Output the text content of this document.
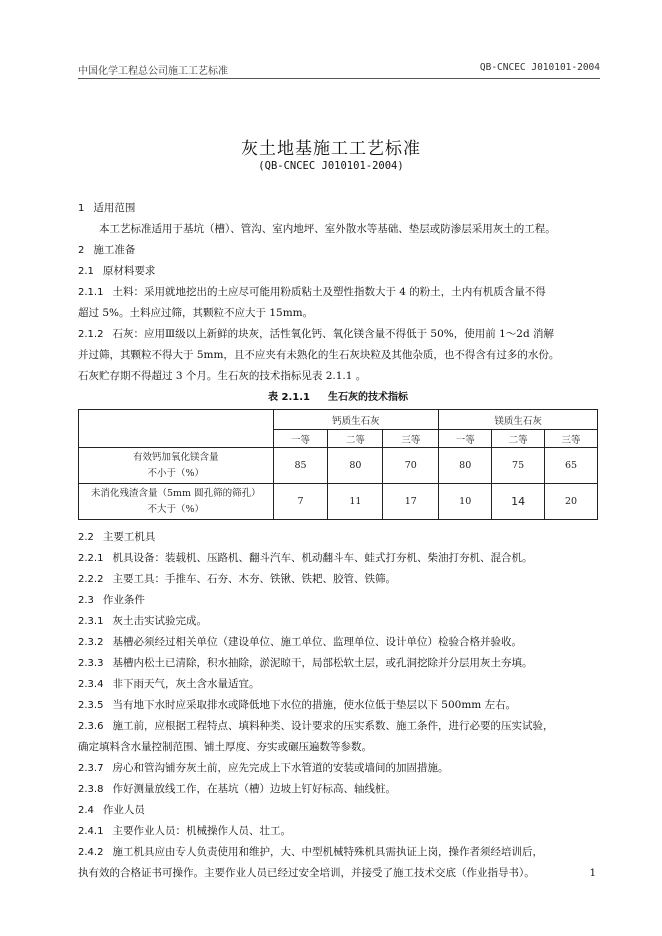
中国化学工程总公司施工工艺标准	QB-CNCEC J010101-2004
灰土地基施工工艺标准
(QB-CNCEC J010101-2004)
1 适用范围
本工艺标准适用于基坑（槽）、管沟、室内地坪、室外散水等基础、垫层或防渗层采用灰土的工程。
2 施工准备
2.1 原材料要求
2.1.1 土料：采用就地挖出的土应尽可能用粉质粘土及塑性指数大于 4 的粉土，土内有机质含量不得
超过 5%。土料应过筛，其颗粒不应大于 15mm。
2.1.2 石灰：应用Ⅲ级以上新鲜的块灰，活性氧化钙、氧化镁含量不得低于 50%，使用前 1～2d 消解
并过筛，其颗粒不得大于 5mm，且不应夹有未熟化的生石灰块粒及其他杂质，也不得含有过多的水份。
石灰贮存期不得超过 3 个月。生石灰的技术指标见表 2.1.1 。
表 2.1.1 生石灰的技术指标
	钙质生石灰			镁质生石灰		
	一等	二等	三等	一等	二等	三等

有效钙加氧化镁含量
不小于（%）	85	80	70	80	75	65

未消化残渣含量（5mm 圆孔筛的筛孔）
不大于（%）	7	11	17	10	14	20
2.2 主要工机具
2.2.1 机具设备：装载机、压路机、翻斗汽车、机动翻斗车、蛙式打夯机、柴油打夯机、混合机。
2.2.2 主要工具：手推车、石夯、木夯、铁锹、铁耙、胶管、铁筛。
2.3 作业条件
2.3.1 灰土击实试验完成。
2.3.2 基槽必须经过相关单位（建设单位、施工单位、监理单位、设计单位）检验合格并验收。
2.3.3 基槽内松土已清除，积水抽除，淤泥晾干，局部松软土层，或孔洞挖除并分层用灰土夯填。
2.3.4 非下雨天气，灰土含水量适宜。
2.3.5 当有地下水时应采取排水或降低地下水位的措施，使水位低于垫层以下 500mm 左右。
2.3.6 施工前，应根据工程特点、填料种类、设计要求的压实系数、施工条件，进行必要的压实试验，
确定填料含水量控制范围、铺土厚度、夯实或碾压遍数等参数。
2.3.7 房心和管沟铺夯灰土前，应先完成上下水管道的安装或墙间的加固措施。
2.3.8 作好测量放线工作，在基坑（槽）边坡上钉好标高、轴线桩。
2.4 作业人员
2.4.1 主要作业人员：机械操作人员、壮工。
2.4.2 施工机具应由专人负责使用和维护，大、中型机械特殊机具需执证上岗，操作者须经培训后，
执有效的合格证书可操作。主要作业人员已经过安全培训，并接受了施工技术交底（作业指导书）。	1
